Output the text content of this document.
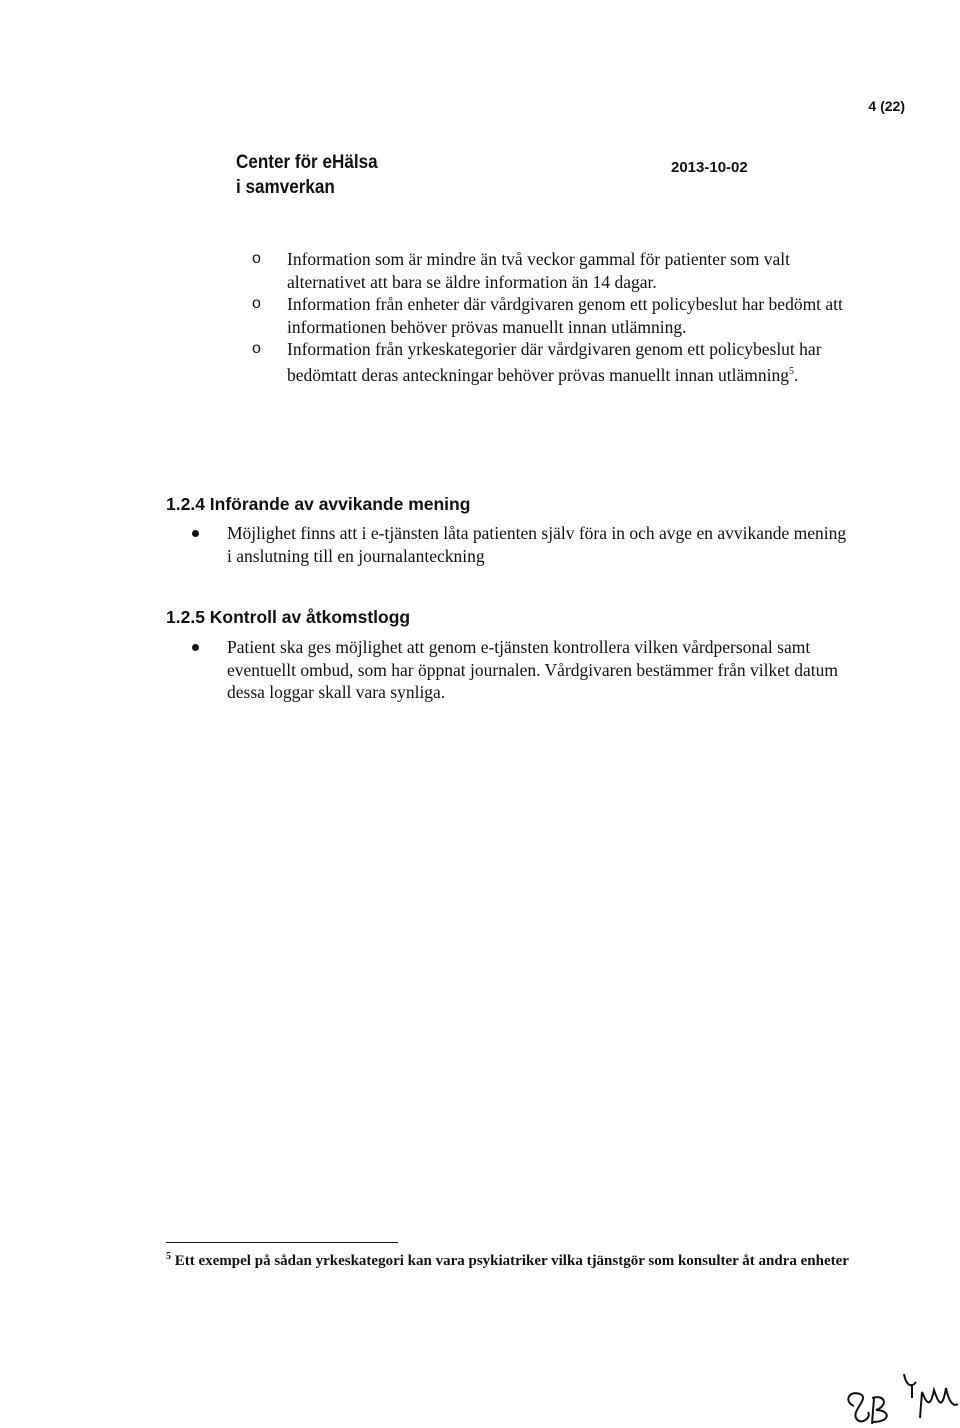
4 (22)
Center för eHälsa
i samverkan
2013-10-02
o Information som är mindre än två veckor gammal för patienter som valt alternativet att bara se äldre information än 14 dagar.
o Information från enheter där vårdgivaren genom ett policybeslut har bedömt att informationen behöver prövas manuellt innan utlämning.
o Information från yrkeskategorier där vårdgivaren genom ett policybeslut har bedömtatt deras anteckningar behöver prövas manuellt innan utlämning$^5$.
1.2.4 Införande av avvikande mening
Möjlighet finns att i e-tjänsten låta patienten själv föra in och avge en avvikande mening i anslutning till en journalanteckning
1.2.5 Kontroll av åtkomstlogg
Patient ska ges möjlighet att genom e-tjänsten kontrollera vilken vårdpersonal samt eventuellt ombud, som har öppnat journalen. Vårdgivaren bestämmer från vilket datum dessa loggar skall vara synliga.
$^5$ Ett exempel på sådan yrkeskategori kan vara psykiatriker vilka tjänstgör som konsulter åt andra enheter
